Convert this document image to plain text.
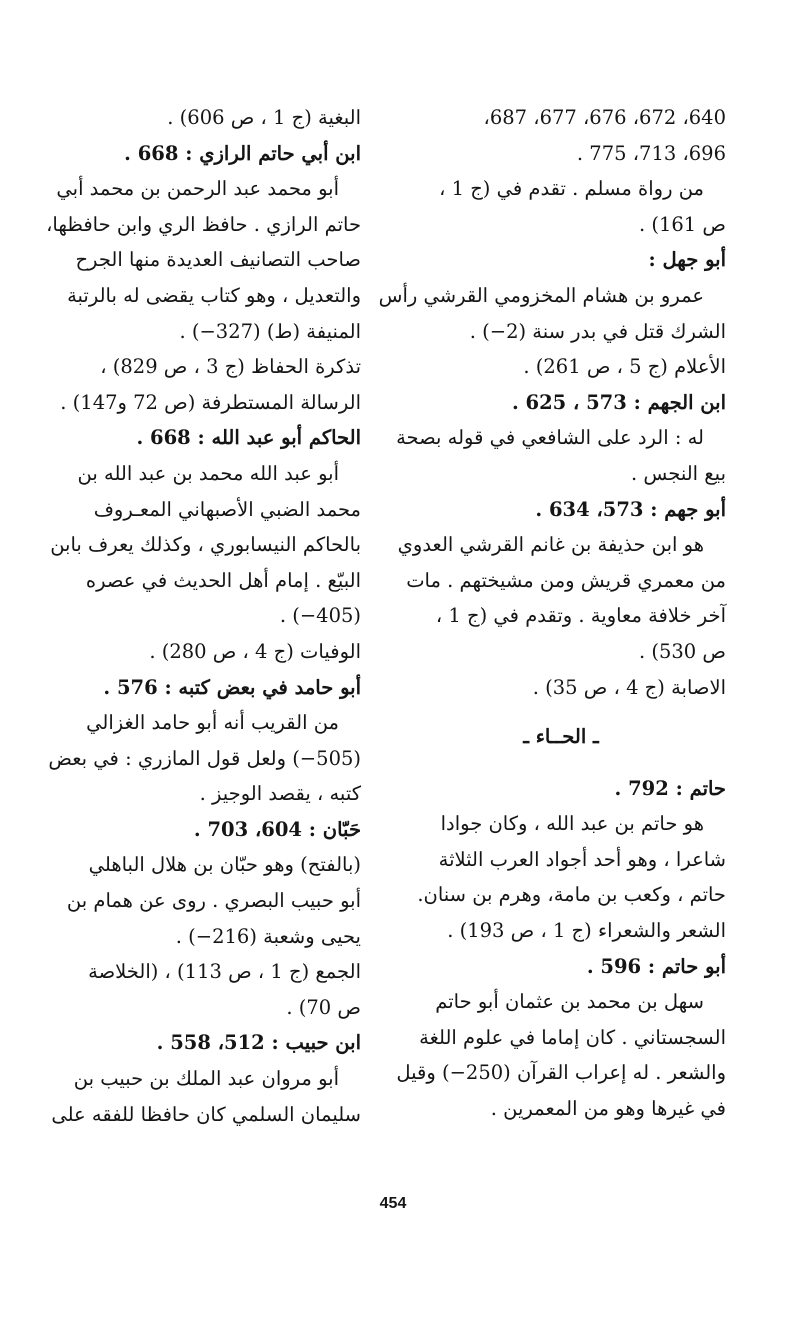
640، 672، 676، 677، 687،
696، 713، 775 .
من رواة مسلم . تقدم في (ج 1 ،
ص 161) .
أبو جهل :
عمرو بن هشام المخزومي القرشي رأس
الشرك قتل في بدر سنة (2−) .
الأعلام (ج 5 ، ص 261) .
ابن الجهم : 573 ، 625 .
له : الرد على الشافعي في قوله بصحة
بيع النجس .
أبو جهم : 573، 634 .
هو ابن حذيفة بن غانم القرشي العدوي
من معمري قريش ومن مشيختهم . مات
آخر خلافة معاوية . وتقدم في (ج 1 ،
ص 530) .
الاصابة (ج 4 ، ص 35) .
ـ الحــاء ـ
حاتم : 792 .
هو حاتم بن عبد الله ، وكان جوادا
شاعرا ، وهو أحد أجواد العرب الثلاثة
حاتم ، وكعب بن مامة، وهرم بن سنان.
الشعر والشعراء (ج 1 ، ص 193) .
أبو حاتم : 596 .
سهل بن محمد بن عثمان أبو حاتم
السجستاني . كان إماما في علوم اللغة
والشعر . له إعراب القرآن (250−) وقيل
في غيرها وهو من المعمرين .
البغية (ج 1 ، ص 606) .
ابن أبي حاتم الرازي : 668 .
أبو محمد عبد الرحمن بن محمد أبي
حاتم الرازي . حافظ الري وابن حافظها،
صاحب التصانيف العديدة منها الجرح
والتعديل ، وهو كتاب يقضى له بالرتبة
المنيفة (ط) (327−) .
تذكرة الحفاظ (ج 3 ، ص 829) ،
الرسالة المستطرفة (ص 72 و147) .
الحاكم أبو عبد الله : 668 .
أبو عبد الله محمد بن عبد الله بن
محمد الضبي الأصبهاني المعـروف
بالحاكم النيسابوري ، وكذلك يعرف بابن
البيّع . إمام أهل الحديث في عصره
(405−) .
الوفيات (ج 4 ، ص 280) .
أبو حامد في بعض كتبه : 576 .
من القريب أنه أبو حامد الغزالي
(505−) ولعل قول المازري : في بعض
كتبه ، يقصد الوجيز .
حَبّان : 604، 703 .
(بالفتح) وهو حبّان بن هلال الباهلي
أبو حبيب البصري . روى عن همام بن
يحيى وشعبة (216−) .
الجمع (ج 1 ، ص 113) ، (الخلاصة
ص 70) .
ابن حبيب : 512، 558 .
أبو مروان عبد الملك بن حبيب بن
سليمان السلمي كان حافظا للفقه على
454
